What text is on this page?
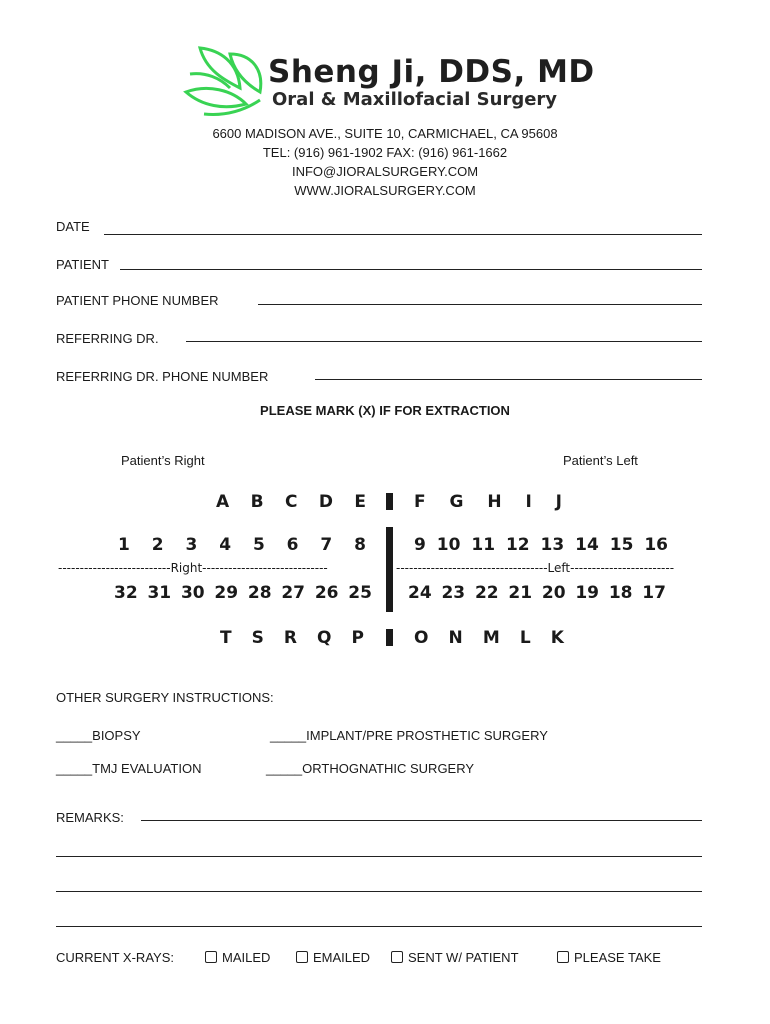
Sheng Ji, DDS, MD
Oral & Maxillofacial Surgery
6600 MADISON AVE., SUITE 10, CARMICHAEL, CA 95608
TEL: (916) 961-1902 FAX: (916) 961-1662
INFO@JIORALSURGERY.COM
WWW.JIORALSURGERY.COM
DATE
PATIENT
PATIENT PHONE NUMBER
REFERRING DR.
REFERRING DR. PHONE NUMBER
PLEASE MARK (X) IF FOR EXTRACTION
Patient’s Right	Patient’s Left
A B C D E	F G H I J
1 2 3 4 5 6 7 8	9 10 11 12 13 14 15 16
--------------------------Right-----------------------------	-----------------------------------Left------------------------
32 31 30 29 28 27 26 25 24 23 22 21 20 19 18 17
T S R Q P	O N M L K
OTHER SURGERY INSTRUCTIONS:
_____BIOPSY	_____IMPLANT/PRE PROSTHETIC SURGERY
_____TMJ EVALUATION	_____ORTHOGNATHIC SURGERY
REMARKS:
CURRENT X-RAYS:	MAILED	EMAILED	SENT W/ PATIENT	PLEASE TAKE
